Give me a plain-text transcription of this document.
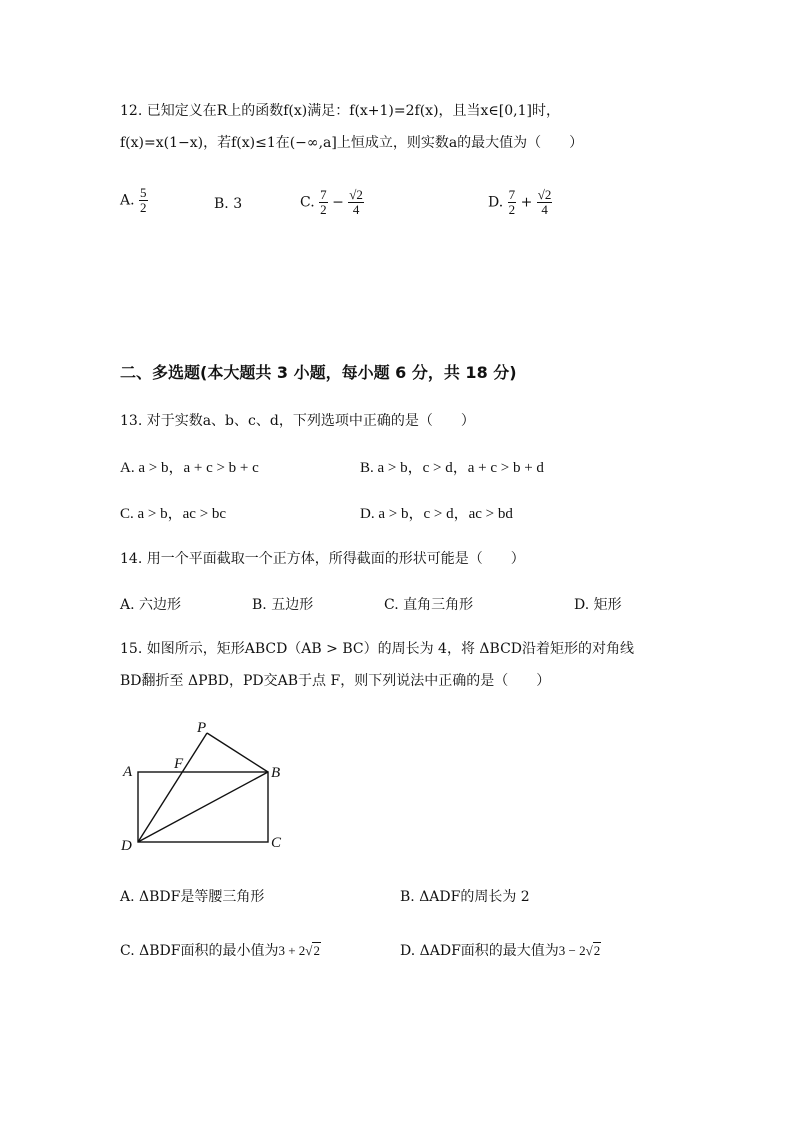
12. 已知定义在R上的函数f(x)满足：f(x+1)=2f(x)，且当x∈[0,1]时，
f(x)=x(1−x)，若f(x)≤1在(−∞,a]上恒成立，则实数a的最大值为（　　）
A. $\frac{5}{2}$	B. 3	C. $\frac{7}{2} - \frac{√2}{4}$	D. $\frac{7}{2} + \frac{√2}{4}$
二、多选题(本大题共 3 小题，每小题 6 分，共 18 分)
13. 对于实数a、b、c、d，下列选项中正确的是（　　）
A. a > b，a + c > b + c	B. a > b，c > d，a + c > b + d
C. a > b，ac > bc	D. a > b，c > d，ac > bd
14. 用一个平面截取一个正方体，所得截面的形状可能是（　　）
A. 六边形	B. 五边形	C. 直角三角形	D. 矩形
15. 如图所示，矩形ABCD（AB > BC）的周长为 4，将 ΔBCD沿着矩形的对角线
BD翻折至 ΔPBD，PD交AB于点 F，则下列说法中正确的是（　　）
P
A	F
B
D	C
A. ΔBDF是等腰三角形	B. ΔADF的周长为 2
C. ΔBDF面积的最小值为3 + 2√2	D. ΔADF面积的最大值为3 − 2√2
